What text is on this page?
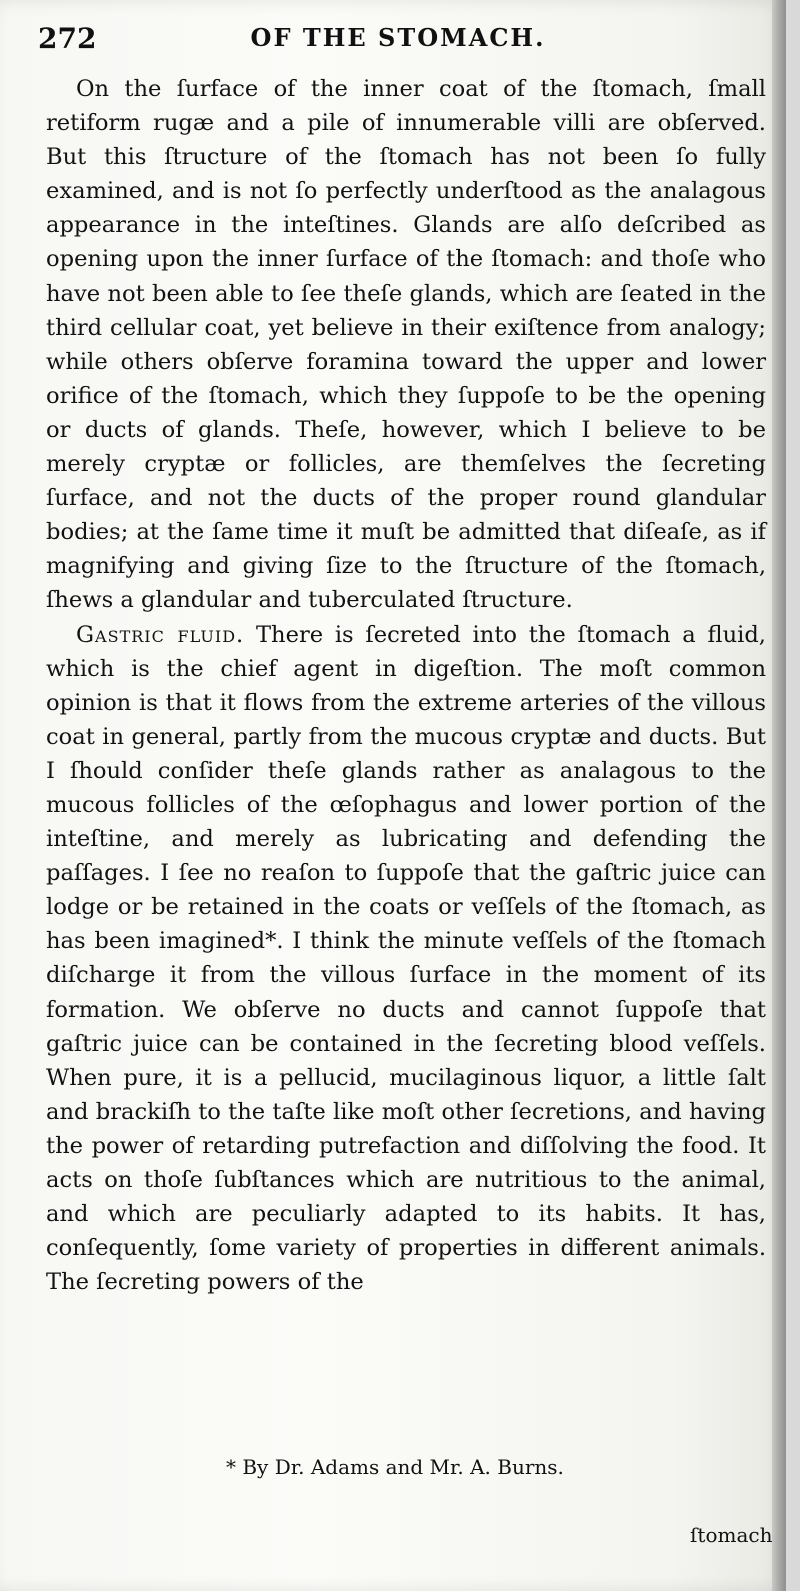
272	OF THE STOMACH.

On the ſurface of the inner coat of the ſtomach, ſmall retiform rugæ and a pile of innumerable villi are obſerved. But this ſtructure of the ſtomach has not been ſo fully examined, and is not ſo perfectly underſtood as the analagous appearance in the inteſtines. Glands are alſo deſcribed as opening upon the inner ſurface of the ſtomach: and thoſe who have not been able to ſee theſe glands, which are ſeated in the third cellular coat, yet believe in their exiſtence from analogy; while others obſerve foramina toward the upper and lower orifice of the ſtomach, which they ſuppoſe to be the opening or ducts of glands. Theſe, however, which I believe to be merely cryptæ or follicles, are themſelves the ſecreting ſurface, and not the ducts of the proper round glandular bodies; at the ſame time it muſt be admitted that diſeaſe, as if magnifying and giving ſize to the ſtructure of the ſtomach, ſhews a glandular and tuberculated ſtructure.

Gastric fluid. There is ſecreted into the ſtomach a fluid, which is the chief agent in digeſtion. The moſt common opinion is that it flows from the extreme arteries of the villous coat in general, partly from the mucous cryptæ and ducts. But I ſhould conſider theſe glands rather as analagous to the mucous follicles of the œſophagus and lower portion of the inteſtine, and merely as lubricating and defending the paſſages. I ſee no reaſon to ſuppoſe that the gaſtric juice can lodge or be retained in the coats or veſſels of the ſtomach, as has been imagined*. I think the minute veſſels of the ſtomach diſcharge it from the villous ſurface in the moment of its formation. We obſerve no ducts and cannot ſuppoſe that gaſtric juice can be contained in the ſecreting blood veſſels. When pure, it is a pellucid, mucilaginous liquor, a little ſalt and brackiſh to the taſte like moſt other ſecretions, and having the power of retarding putrefaction and diſſolving the food. It acts on thoſe ſubſtances which are nutritious to the animal, and which are peculiarly adapted to its habits. It has, conſequently, ſome variety of properties in different animals. The ſecreting powers of the

* By Dr. Adams and Mr. A. Burns.
ſtomach
